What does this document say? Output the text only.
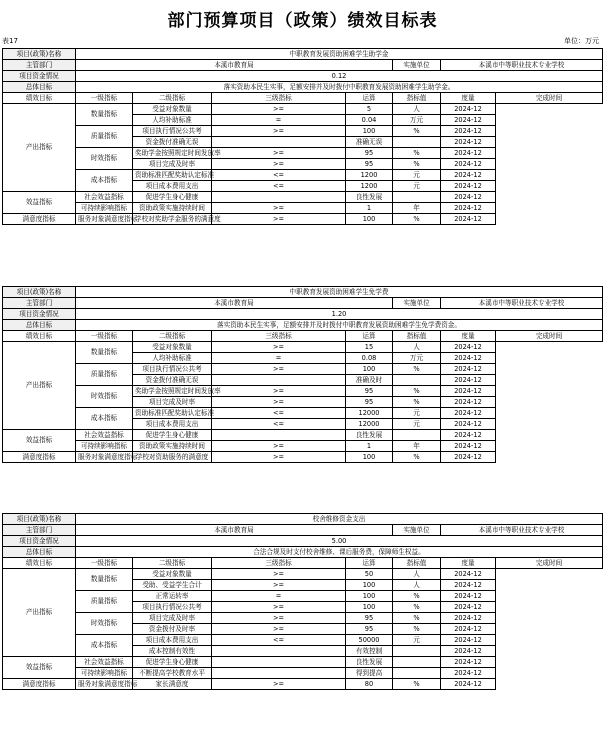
部门预算项目（政策）绩效目标表
表17	单位：万元
项目(政策)名称	中职教育发展资助困难学生助学金						
主管部门	本溪市教育局				实施单位	本溪市中等职业技术专业学校	
项目资金情况	0.12						
总体目标	落实资助本民生实事，足额安排并及时拨付中职教育发展资助困难学生助学金。						
绩效目标	一级指标	二级指标	三级指标	运算	指标值	度量	完成时间
产出指标	数量指标	受益对象数量	>=	5	人	2024-12	
		人均补助标准	=	0.04	万元	2024-12	
	质量指标	项目执行情况公共考	>=	100	%	2024-12	
		资金拨付准确无误		准确无误		2024-12	
	时效指标	奖助学金按照规定时间发放率	>=	95	%	2024-12	
		项目完成及时率	>=	95	%	2024-12	
	成本指标	资助标准匹配奖助认定标准	<=	1200	元	2024-12	
		项目成本费用支出	<=	1200	元	2024-12	
效益指标	社会效益指标	促进学生身心健康		良性发展		2024-12	
	可持续影响指标	资助政策实施持续时间	>=	1	年	2024-12	
满意度指标	服务对象满意度指标	学校对奖助学金服务的满意度	>=	100	%	2024-12	
项目(政策)名称	中职教育发展资助困难学生免学费						
主管部门	本溪市教育局				实施单位	本溪市中等职业技术专业学校	
项目资金情况	1.20						
总体目标	落实资助本民生实事，足额安排并及时拨付中职教育发展资助困难学生免学费资金。						
绩效目标	一级指标	二级指标	三级指标	运算	指标值	度量	完成时间
产出指标	数量指标	受益对象数量	>=	15	人	2024-12	
		人均补助标准	=	0.08	万元	2024-12	
	质量指标	项目执行情况公共考	>=	100	%	2024-12	
		资金拨付准确无误		准确及时		2024-12	
	时效指标	奖助学金按照规定时间发放率	>=	95	%	2024-12	
		项目完成及时率	>=	95	%	2024-12	
	成本指标	资助标准匹配奖助认定标准	<=	12000	元	2024-12	
		项目成本费用支出	<=	12000	元	2024-12	
效益指标	社会效益指标	促进学生身心健康		良性发展		2024-12	
	可持续影响指标	资助政策实施持续时间	>=	1	年	2024-12	
满意度指标	服务对象满意度指标	学校对资助服务的满意度	>=	100	%	2024-12	
项目(政策)名称	校舍维修资金支出						
主管部门	本溪市教育局				实施单位	本溪市中等职业技术专业学校	
项目资金情况	5.00						
总体目标	合法合规及时支付校舍维修、课后服务费，保障师生权益。						
绩效目标	一级指标	二级指标	三级指标	运算	指标值	度量	完成时间
产出指标	数量指标	受益对象数量	>=	50	人	2024-12	
		受助、受益学生合计	>=	100	人	2024-12	
	质量指标	正常运转率	=	100	%	2024-12	
		项目执行情况公共考	>=	100	%	2024-12	
	时效指标	项目完成及时率	>=	95	%	2024-12	
		资金拨付及时率	>=	95	%	2024-12	
	成本指标	项目成本费用支出	<=	50000	元	2024-12	
		成本控制有效性		有效控制		2024-12	
效益指标	社会效益指标	促进学生身心健康		良性发展		2024-12	
	可持续影响指标	不断提高学校教育水平		得到提高		2024-12	
满意度指标	服务对象满意度指标	家长满意度	>=	80	%	2024-12	
